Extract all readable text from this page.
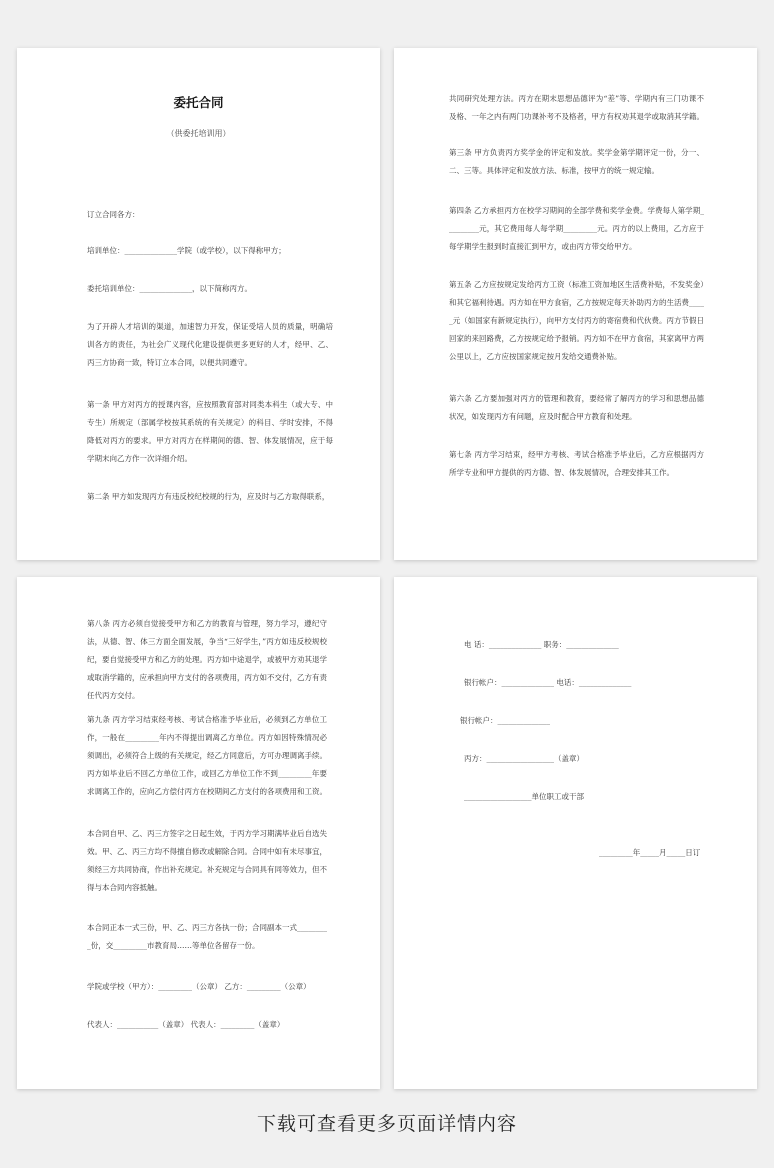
委托合同
（供委托培训用）
订立合同各方：
培训单位：______________学院（或学校），以下得称甲方；
委托培训单位：______________，以下简称丙方。
为了开辟人才培训的渠道，加速智力开发，保证受培人员的质量，明确培训各方的责任，为社会广义现代化建设提供更多更好的人才，经甲、乙、丙三方协商一致，特订立本合同，以便共同遵守。
第一条 甲方对丙方的授课内容，应按照教育部对同类本科生（或大专、中专生）所规定（部属学校按其系统的有关规定）的科目、学时安排，不得降低对丙方的要求。甲方对丙方在样期间的德、智、体发展情况，应于每学期末向乙方作一次详细介绍。
第二条 甲方如发现丙方有违反校纪校规的行为，应及时与乙方取得联系，
共同研究处理方法。丙方在期末思想品德评为“差”等、学期内有三门功课不及格、一年之内有两门功课补考不及格者，甲方有权劝其退学或取消其学籍。
第三条 甲方负责丙方奖学金的评定和发放。奖学金第学期评定一份，分一、二、三等。具体评定和发放方法、标准，按甲方的统一规定输。
第四条 乙方承担丙方在校学习期间的全部学费和奖学金费。学费每人第学期_________元，其它费用每人每学期_________元。丙方的以上费用，乙方应于每学期学生报到时直接汇到甲方，或由丙方带交给甲方。
第五条 乙方应按规定发给丙方工资（标准工资加地区生活费补贴，不发奖金）和其它福利待遇。丙方如在甲方食宿，乙方按规定每天补助丙方的生活费_____元（如国家有新规定执行），向甲方支付丙方的寄宿费和代伙费。丙方节假日回家的来回路费，乙方按规定给予报销。丙方如不在甲方食宿，其家离甲方两公里以上，乙方应按国家规定按月发给交通费补贴。
第六条 乙方要加强对丙方的管理和教育，要经常了解丙方的学习和思想品德状况，如发现丙方有问题，应及时配合甲方教育和处理。
第七条 丙方学习结束，经甲方考核、考试合格准予毕业后，乙方应根据丙方所学专业和甲方提供的丙方德、智、体发展情况，合理安排其工作。
第八条 丙方必须自觉接受甲方和乙方的教育与管理，努力学习，遵纪守法，从德、智、体三方面全面发展，争当“三好学生，”丙方如违反校规校纪，要自觉接受甲方和乙方的处理。丙方如中途退学，或被甲方劝其退学或取消学籍的，应承担向甲方支付的各项费用，丙方如不交付，乙方有责任代丙方交付。
第九条 丙方学习结束经考核、考试合格准予毕业后，必须到乙方单位工作，一般在_________年内不得提出调离乙方单位。丙方如因特殊情况必须调出，必须符合上级的有关规定，经乙方同意后，方可办理调离手续。丙方如毕业后不回乙方单位工作，或回乙方单位工作不到_________年要求调离工作的，应向乙方偿付丙方在校期间乙方支付的各项费用和工资。
本合同自甲、乙、丙三方签字之日起生效，于丙方学习期满毕业后自选失效。甲、乙、丙三方均不得擅自修改或解除合同。合同中如有未尽事宜，须经三方共同协商，作出补充规定。补充规定与合同具有同等效力，但不得与本合同内容抵触。
本合同正本一式三份，甲、乙、丙三方各执一份；合同副本一式_________份，交_________市教育局……等单位各留存一份。
学院或学校（甲方）：_________（公章） 乙方：_________（公章）
代表人：___________（盖章） 代表人：_________（盖章）
电 话：______________ 职务：______________
银行帐户：______________ 电话：______________
银行帐户：______________
丙方：__________________（盖章）
__________________单位职工或干部
_________年_____月_____日订
下载可查看更多页面详情内容
